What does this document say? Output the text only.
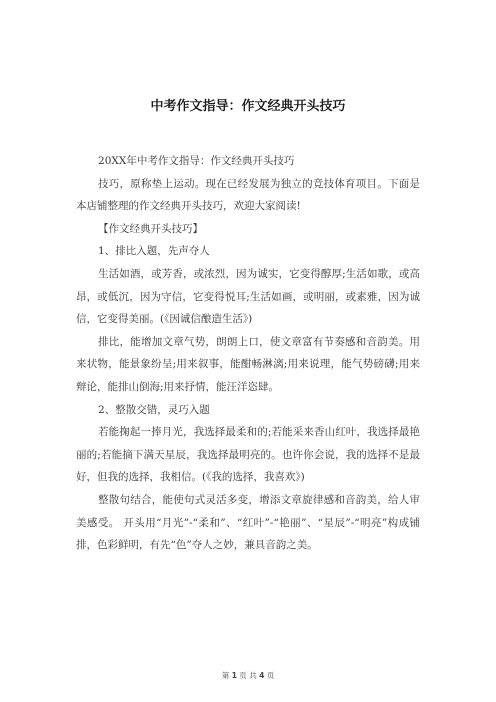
中考作文指导：作文经典开头技巧

20XX年中考作文指导：作文经典开头技巧

技巧，原称垫上运动。现在已经发展为独立的竞技体育项目。下面是本店铺整理的作文经典开头技巧，欢迎大家阅读!

【作文经典开头技巧】

1、排比入题，先声夺人

生活如酒，或芳香，或浓烈，因为诚实，它变得醇厚;生活如歌，或高昂，或低沉，因为守信，它变得悦耳;生活如画，或明丽，或素雅，因为诚信，它变得美丽。(《因诚信酿造生活》)

排比，能增加文章气势，朗朗上口，使文章富有节奏感和音韵美。用来状物，能景象纷呈;用来叙事，能酣畅淋漓;用来说理，能气势磅礴;用来辩论，能排山倒海;用来抒情，能汪洋恣肆。

2、整散交错，灵巧入题

若能掬起一捧月光，我选择最柔和的;若能采来香山红叶，我选择最艳丽的;若能摘下满天星辰，我选择最明亮的。也许你会说，我的选择不是最好，但我的选择，我相信。(《我的选择，我喜欢》)

整散句结合，能使句式灵活多变，增添文章旋律感和音韵美，给人审美感受。 开头用“月光”-“柔和”、“红叶”-“艳丽”、“星辰”-“明亮”构成铺排，色彩鲜明，有先“色”夺人之妙，兼具音韵之美。

第 1 页 共 4 页
